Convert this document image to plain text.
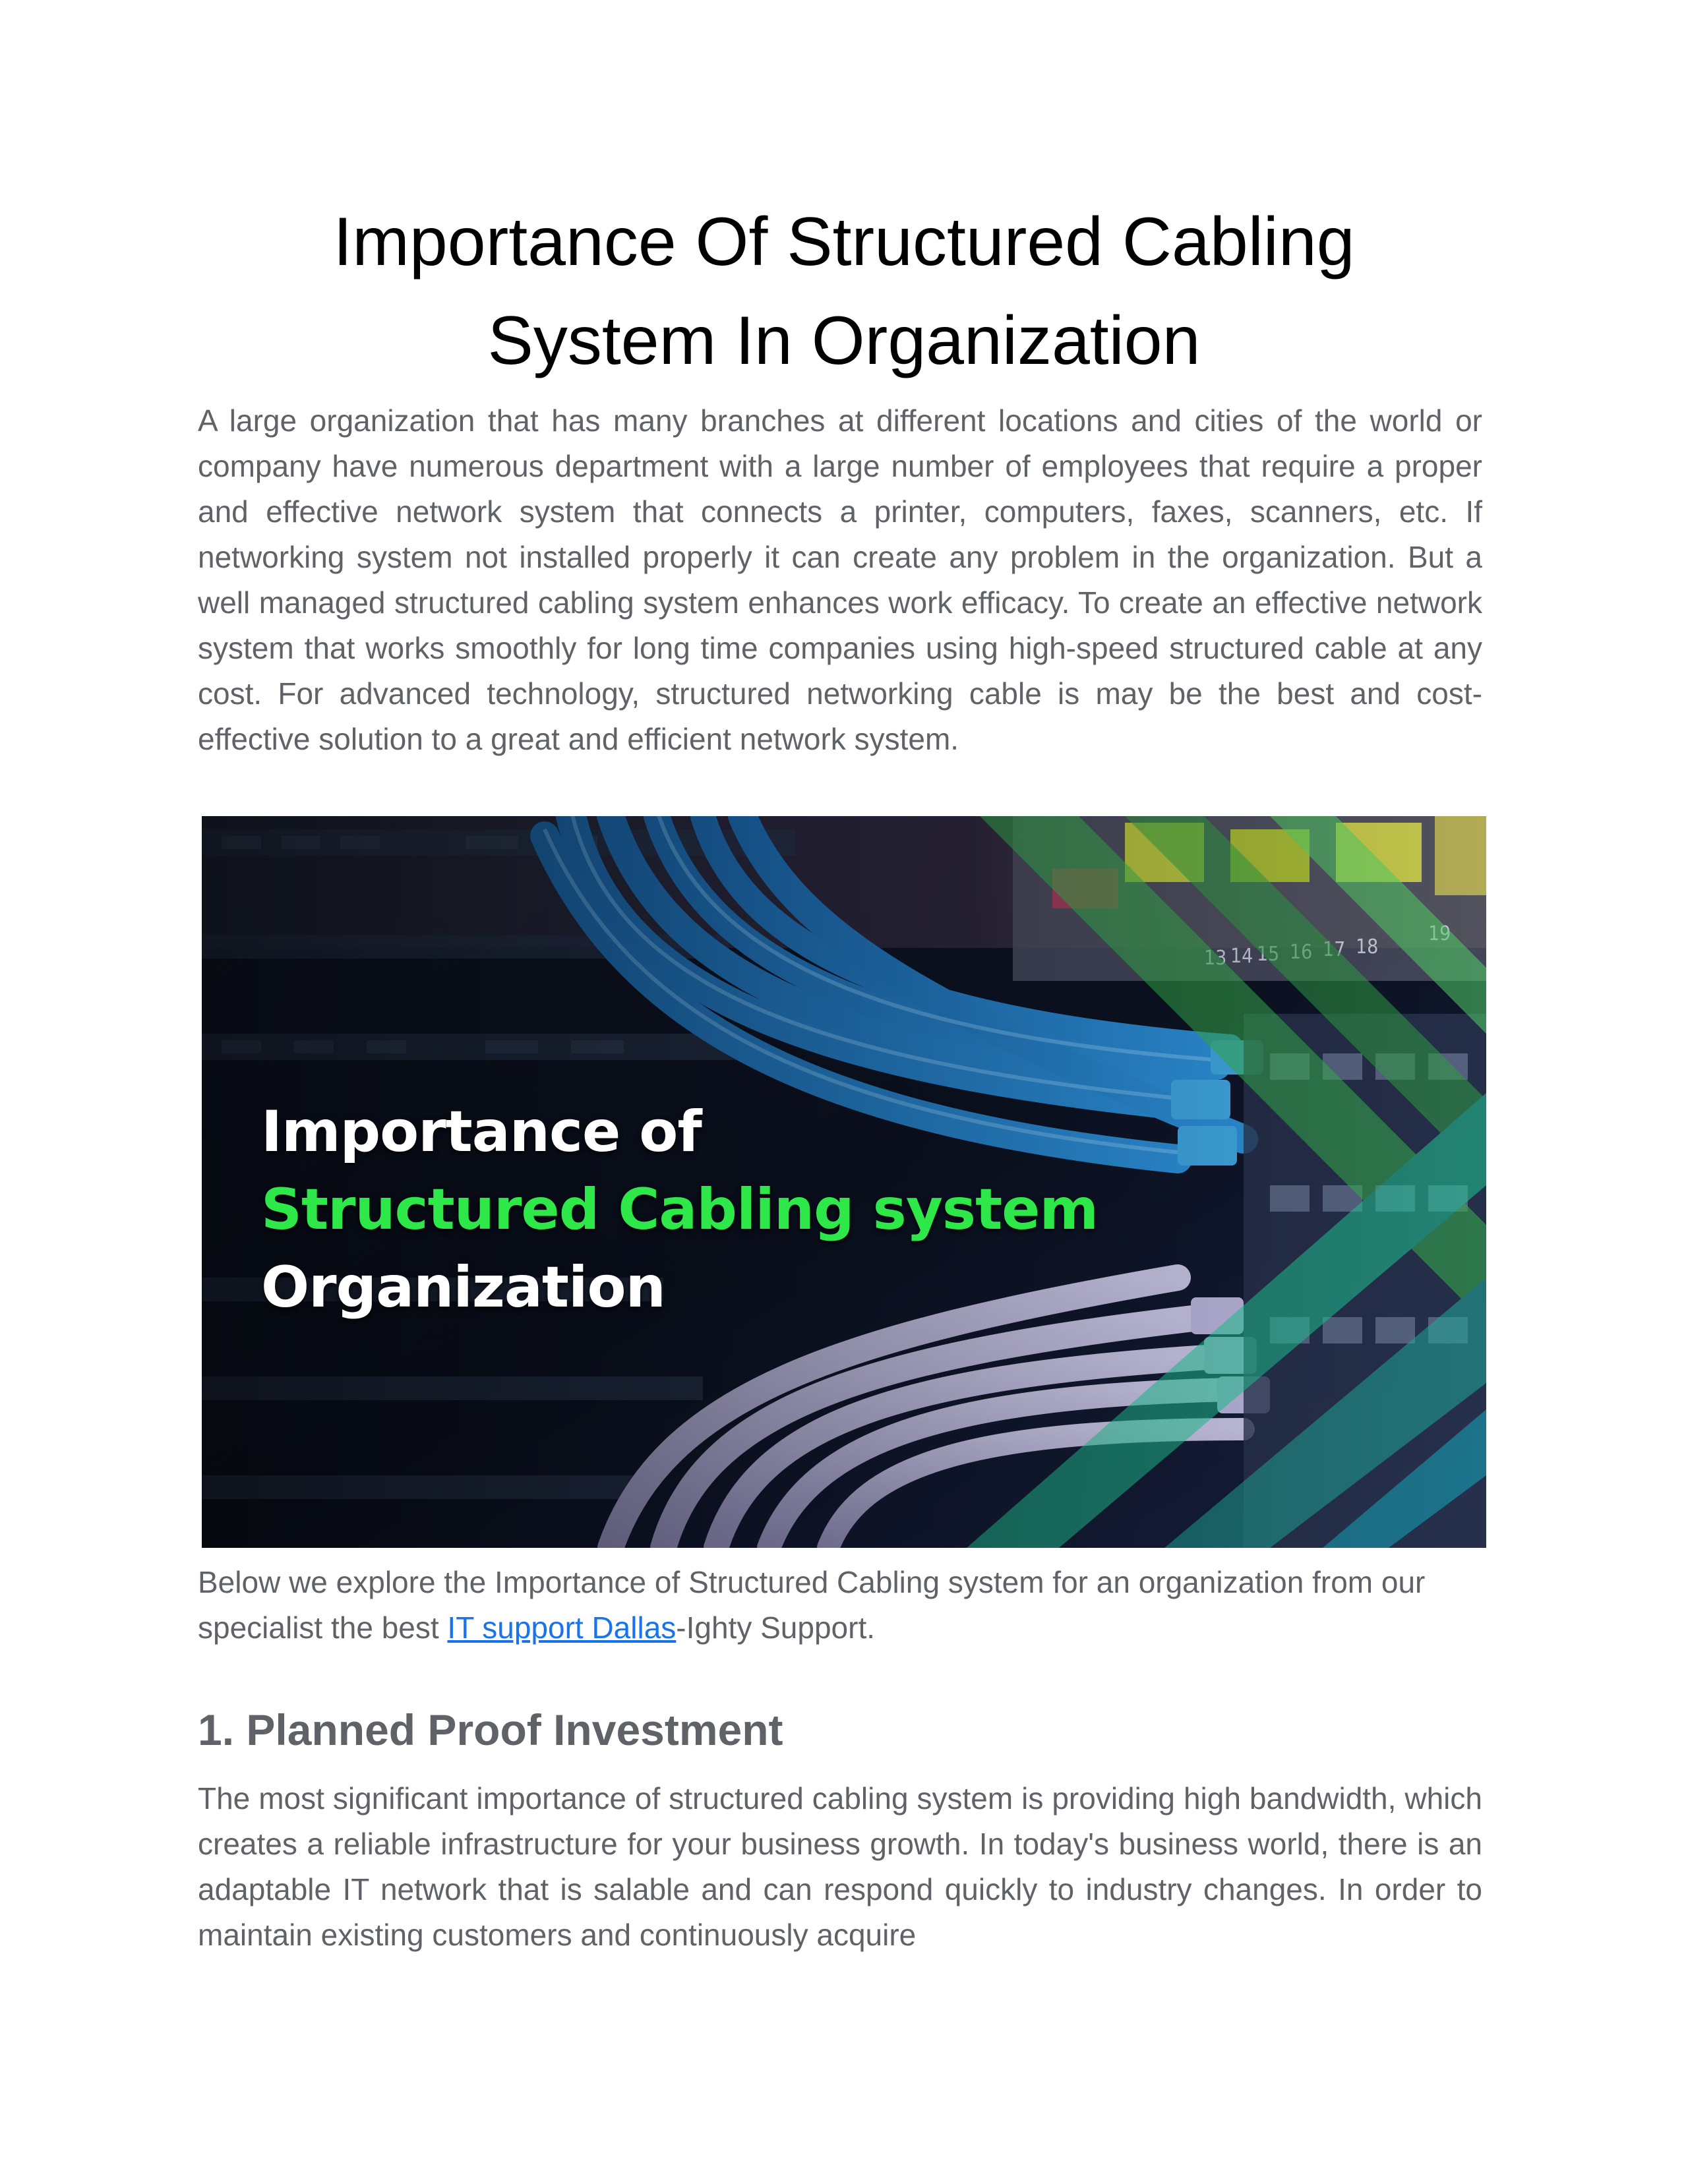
Importance Of Structured Cabling
System In Organization

A large organization that has many branches at different locations and cities of the world or company have numerous department with a large number of employees that require a proper and effective network system that connects a printer, computers, faxes, scanners, etc. If networking system not installed properly it can create any problem in the organization. But a well managed structured cabling system enhances work efficacy. To create an effective network system that works smoothly for long time companies using high-speed structured cable at any cost. For advanced technology, structured networking cable is may be the best and cost-effective solution to a great and efficient network system.

Importance of
Structured Cabling system
Organization

Below we explore the Importance of Structured Cabling system for an organization from our specialist the best IT support Dallas-Ighty Support.

1. Planned Proof Investment

The most significant importance of structured cabling system is providing high bandwidth, which creates a reliable infrastructure for your business growth. In today's business world, there is an adaptable IT network that is salable and can respond quickly to industry changes. In order to maintain existing customers and continuously acquire
